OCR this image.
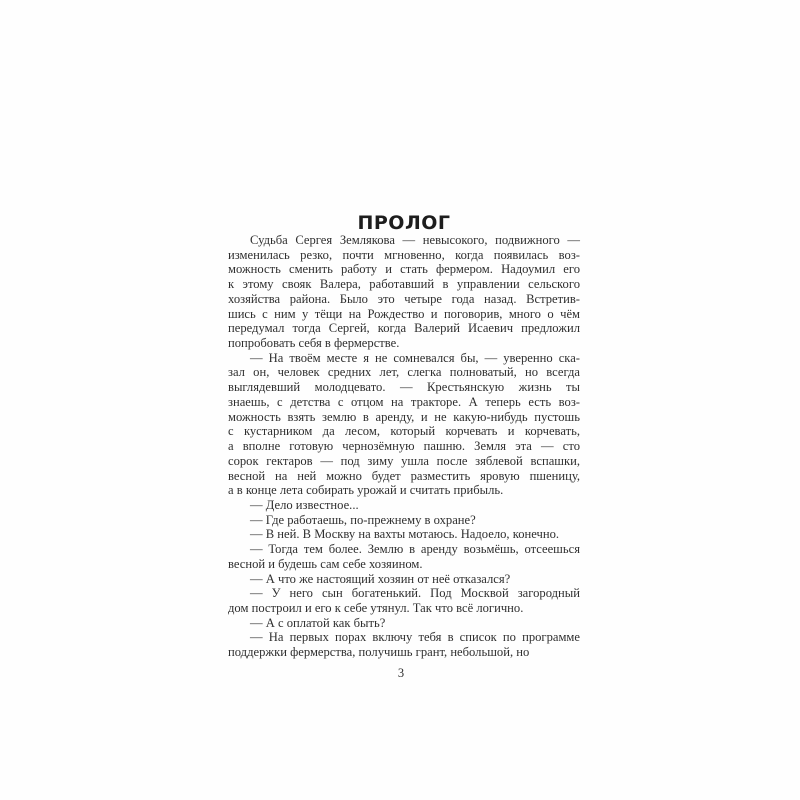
ПРОЛОГ
Судьба Сергея Землякова — невысокого, подвижного —
изменилась резко, почти мгновенно, когда появилась воз-
можность сменить работу и стать фермером. Надоумил его
к этому свояк Валера, работавший в управлении сельского
хозяйства района. Было это четыре года назад. Встретив-
шись с ним у тёщи на Рождество и поговорив, много о чём
передумал тогда Сергей, когда Валерий Исаевич предложил
попробовать себя в фермерстве.
— На твоём месте я не сомневался бы, — уверенно ска-
зал он, человек средних лет, слегка полноватый, но всегда
выглядевший молодцевато. — Крестьянскую жизнь ты
знаешь, с детства с отцом на тракторе. А теперь есть воз-
можность взять землю в аренду, и не какую-нибудь пустошь
с кустарником да лесом, который корчевать и корчевать,
а вполне готовую чернозёмную пашню. Земля эта — сто
сорок гектаров — под зиму ушла после зяблевой вспашки,
весной на ней можно будет разместить яровую пшеницу,
а в конце лета собирать урожай и считать прибыль.
— Дело известное...
— Где работаешь, по-прежнему в охране?
— В ней. В Москву на вахты мотаюсь. Надоело, конечно.
— Тогда тем более. Землю в аренду возьмёшь, отсеешься
весной и будешь сам себе хозяином.
— А что же настоящий хозяин от неё отказался?
— У него сын богатенький. Под Москвой загородный
дом построил и его к себе утянул. Так что всё логично.
— А с оплатой как быть?
— На первых порах включу тебя в список по программе
поддержки фермерства, получишь грант, небольшой, но
3
